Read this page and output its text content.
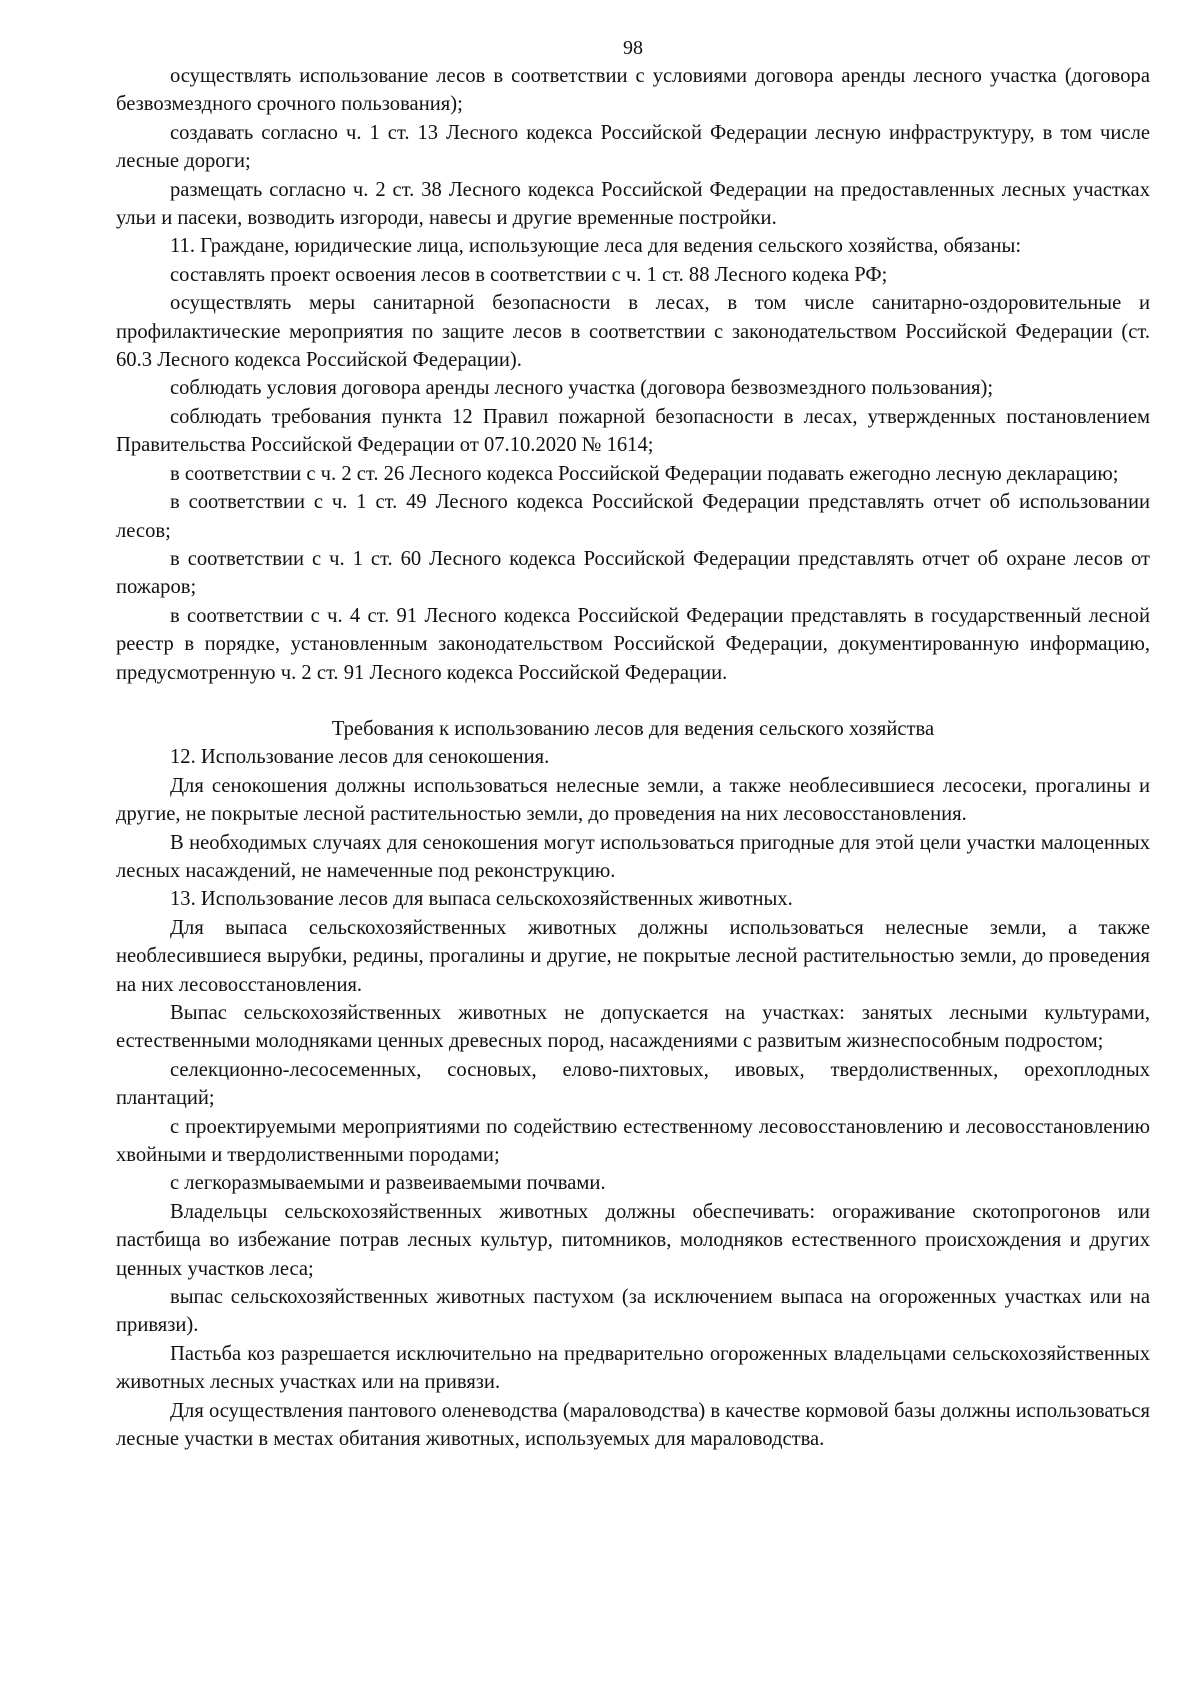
98

осуществлять использование лесов в соответствии с условиями договора аренды лесного участка (договора безвозмездного срочного пользования);

создавать согласно ч. 1 ст. 13 Лесного кодекса Российской Федерации лесную инфраструктуру, в том числе лесные дороги;

размещать согласно ч. 2 ст. 38 Лесного кодекса Российской Федерации на предоставленных лесных участках ульи и пасеки, возводить изгороди, навесы и другие временные постройки.

11. Граждане, юридические лица, использующие леса для ведения сельского хозяйства, обязаны:

составлять проект освоения лесов в соответствии с ч. 1 ст. 88 Лесного кодека РФ;

осуществлять меры санитарной безопасности в лесах, в том числе санитарно-оздоровительные и профилактические мероприятия по защите лесов в соответствии с законодательством Российской Федерации (ст. 60.3 Лесного кодекса Российской Федерации).

соблюдать условия договора аренды лесного участка (договора безвозмездного пользования);

соблюдать требования пункта 12 Правил пожарной безопасности в лесах, утвержденных постановлением Правительства Российской Федерации от 07.10.2020 № 1614;

в соответствии с ч. 2 ст. 26 Лесного кодекса Российской Федерации подавать ежегодно лесную декларацию;

в соответствии с ч. 1 ст. 49 Лесного кодекса Российской Федерации представлять отчет об использовании лесов;

в соответствии с ч. 1 ст. 60 Лесного кодекса Российской Федерации представлять отчет об охране лесов от пожаров;

в соответствии с ч. 4 ст. 91 Лесного кодекса Российской Федерации представлять в государственный лесной реестр в порядке, установленным законодательством Российской Федерации, документированную информацию, предусмотренную ч. 2 ст. 91 Лесного кодекса Российской Федерации.

Требования к использованию лесов для ведения сельского хозяйства

12. Использование лесов для сенокошения.

Для сенокошения должны использоваться нелесные земли, а также необлесившиеся лесосеки, прогалины и другие, не покрытые лесной растительностью земли, до проведения на них лесовосстановления.

В необходимых случаях для сенокошения могут использоваться пригодные для этой цели участки малоценных лесных насаждений, не намеченные под реконструкцию.

13. Использование лесов для выпаса сельскохозяйственных животных.

Для выпаса сельскохозяйственных животных должны использоваться нелесные земли, а также необлесившиеся вырубки, редины, прогалины и другие, не покрытые лесной растительностью земли, до проведения на них лесовосстановления.

Выпас сельскохозяйственных животных не допускается на участках: занятых лесными культурами, естественными молодняками ценных древесных пород, насаждениями с развитым жизнеспособным подростом;

селекционно-лесосеменных, сосновых, елово-пихтовых, ивовых, твердолиственных, орехоплодных плантаций;

с проектируемыми мероприятиями по содействию естественному лесовосстановлению и лесовосстановлению хвойными и твердолиственными породами;

с легкоразмываемыми и развеиваемыми почвами.

Владельцы сельскохозяйственных животных должны обеспечивать: огораживание скотопрогонов или пастбища во избежание потрав лесных культур, питомников, молодняков естественного происхождения и других ценных участков леса;

выпас сельскохозяйственных животных пастухом (за исключением выпаса на огороженных участках или на привязи).

Пастьба коз разрешается исключительно на предварительно огороженных владельцами сельскохозяйственных животных лесных участках или на привязи.

Для осуществления пантового оленеводства (мараловодства) в качестве кормовой базы должны использоваться лесные участки в местах обитания животных, используемых для мараловодства.
